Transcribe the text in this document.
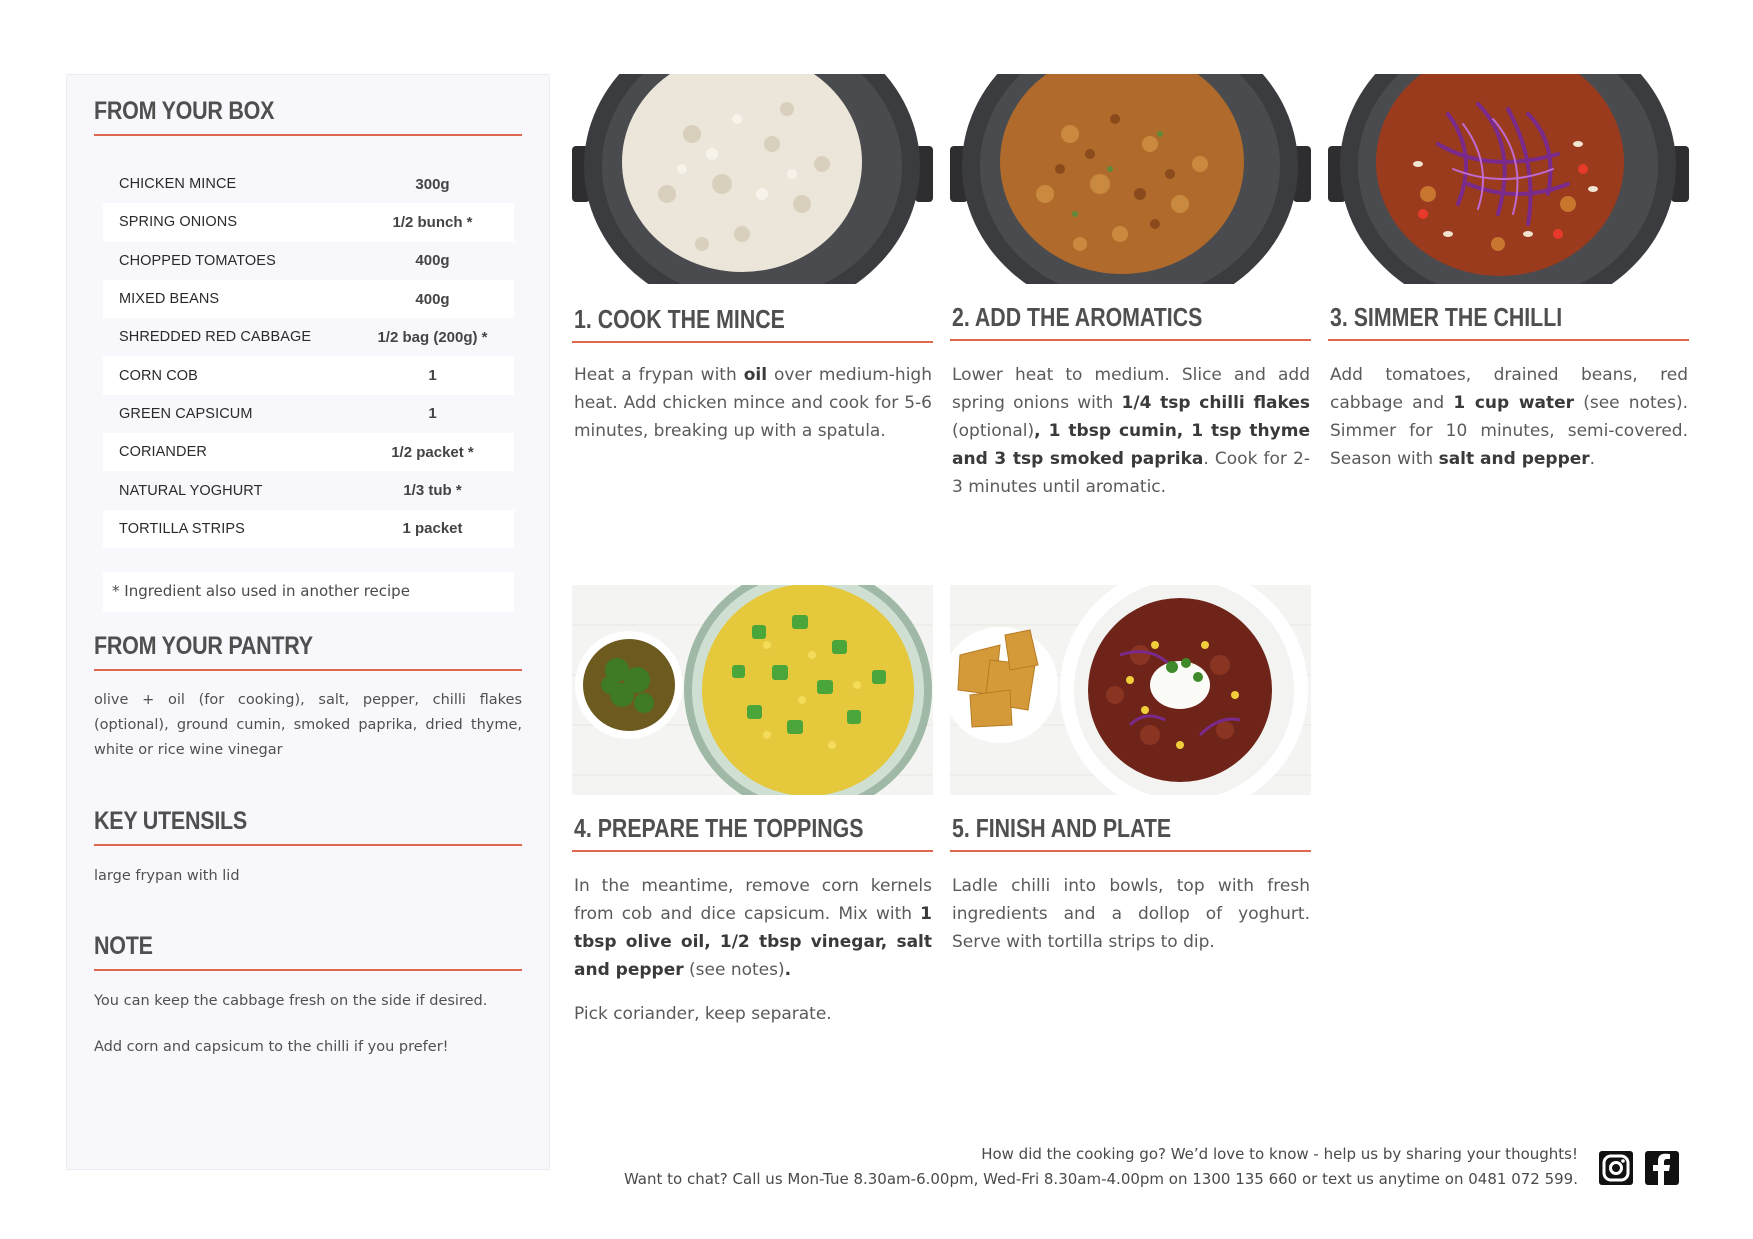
FROM YOUR BOX
CHICKEN MINCE	300g
SPRING ONIONS	1/2 bunch *
CHOPPED TOMATOES	400g
MIXED BEANS	400g
SHREDDED RED CABBAGE	1/2 bag (200g) *
CORN COB	1
GREEN CAPSICUM	1
CORIANDER	1/2 packet *
NATURAL YOGHURT	1/3 tub *
TORTILLA STRIPS	1 packet
* Ingredient also used in another recipe
FROM YOUR PANTRY
olive + oil (for cooking), salt, pepper, chilli flakes (optional), ground cumin, smoked paprika, dried thyme, white or rice wine vinegar
KEY UTENSILS
large frypan with lid
NOTE
You can keep the cabbage fresh on the side if desired.
Add corn and capsicum to the chilli if you prefer!
1. COOK THE MINCE
Heat a frypan with oil over medium-high heat. Add chicken mince and cook for 5-6 minutes, breaking up with a spatula.
2. ADD THE AROMATICS
Lower heat to medium. Slice and add spring onions with 1/4 tsp chilli flakes (optional), 1 tbsp cumin, 1 tsp thyme and 3 tsp smoked paprika. Cook for 2-3 minutes until aromatic.
3. SIMMER THE CHILLI
Add tomatoes, drained beans, red cabbage and 1 cup water (see notes). Simmer for 10 minutes, semi-covered. Season with salt and pepper.
4. PREPARE THE TOPPINGS
In the meantime, remove corn kernels from cob and dice capsicum. Mix with 1 tbsp olive oil, 1/2 tbsp vinegar, salt and pepper (see notes).
Pick coriander, keep separate.
5. FINISH AND PLATE
Ladle chilli into bowls, top with fresh ingredients and a dollop of yoghurt. Serve with tortilla strips to dip.
How did the cooking go? We’d love to know - help us by sharing your thoughts!
Want to chat? Call us Mon-Tue 8.30am-6.00pm, Wed-Fri 8.30am-4.00pm on 1300 135 660 or text us anytime on 0481 072 599.
